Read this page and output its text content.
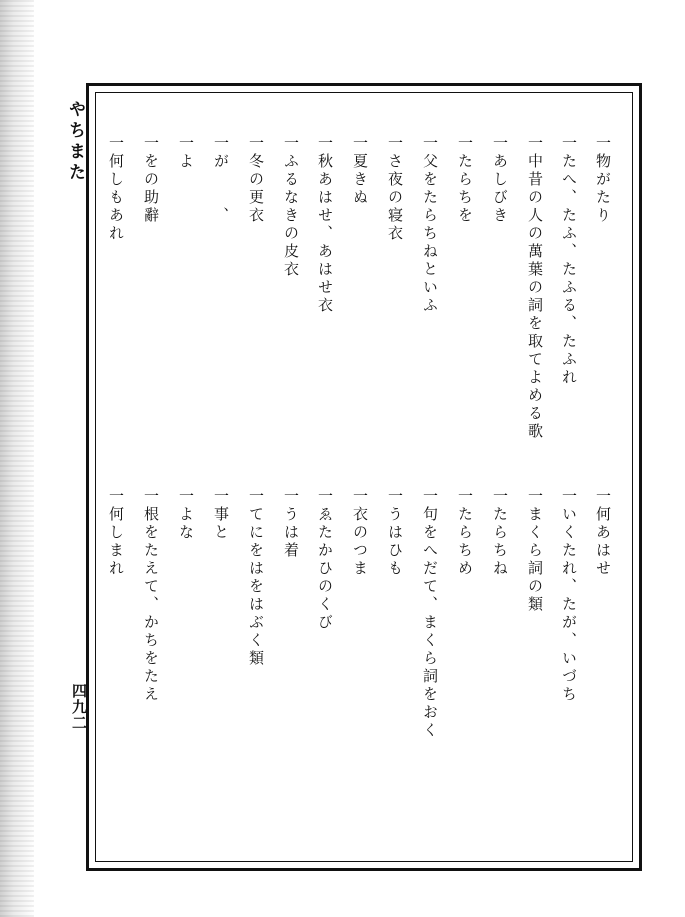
やちまた
四九二
一物がたり
一たへ、たふ、たふる、たふれ
一中昔の人の萬葉の詞を取てよめる歌
一あしびき
一たらちを
一父をたらちねといふ
一さ夜の寝衣
一夏きぬ
一秋あはせ、あはせ衣
一ふるなきの皮衣
一冬の更衣
一が　　、
一よ
一をの助辭
一何しもあれ
一何あはせ
一いくたれ、たが、いづち
一まくら詞の類
一たらちね
一たらちめ
一句をへだて、まくら詞をおく
一うはひも
一衣のつま
一ゑたかひのくび
一うは着
一てにをはをはぶく類
一事と
一よな
一根をたえて、かちをたえ
一何しまれ
